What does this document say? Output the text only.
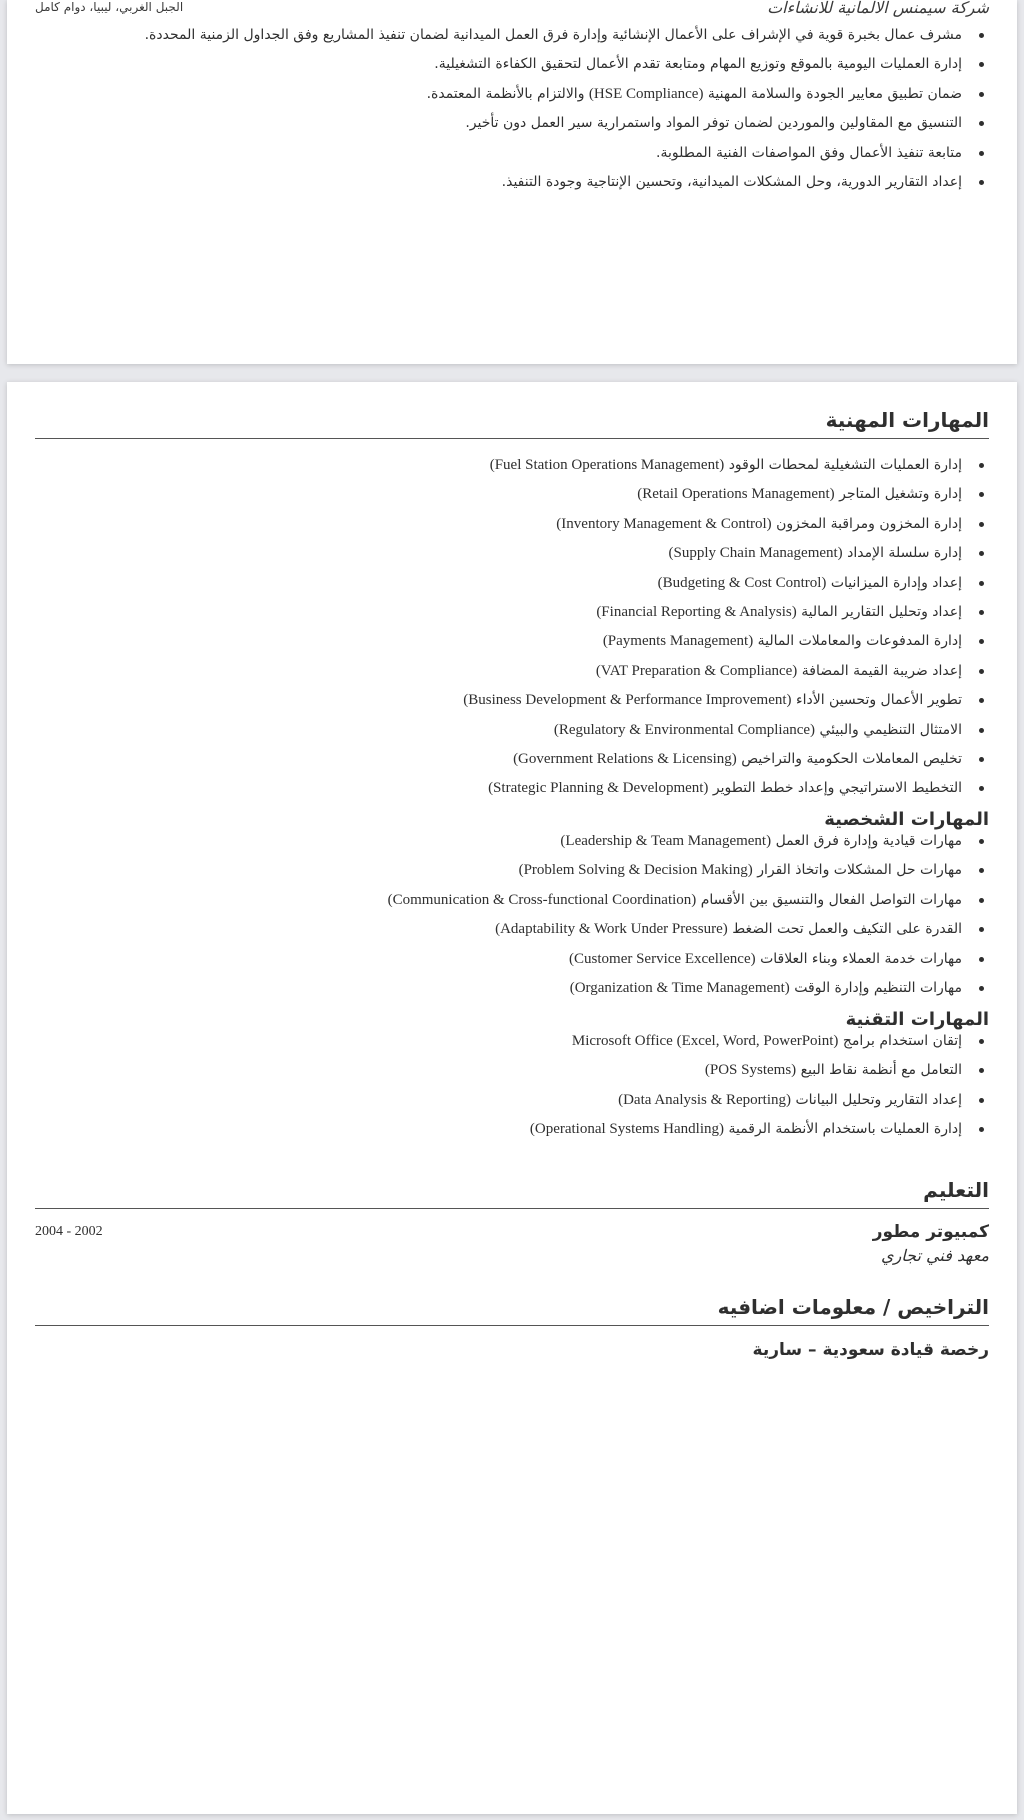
شركة سيمنس الالمانية للانشاءات
الجبل الغربي، ليبيا، دوام كامل
مشرف عمال بخبرة قوية في الإشراف على الأعمال الإنشائية وإدارة فرق العمل الميدانية لضمان تنفيذ المشاريع وفق الجداول الزمنية المحددة.
إدارة العمليات اليومية بالموقع وتوزيع المهام ومتابعة تقدم الأعمال لتحقيق الكفاءة التشغيلية.
ضمان تطبيق معايير الجودة والسلامة المهنية (HSE Compliance) والالتزام بالأنظمة المعتمدة.
التنسيق مع المقاولين والموردين لضمان توفر المواد واستمرارية سير العمل دون تأخير.
متابعة تنفيذ الأعمال وفق المواصفات الفنية المطلوبة.
إعداد التقارير الدورية، وحل المشكلات الميدانية، وتحسين الإنتاجية وجودة التنفيذ.
المهارات المهنية
إدارة العمليات التشغيلية لمحطات الوقود (Fuel Station Operations Management)
إدارة وتشغيل المتاجر (Retail Operations Management)
إدارة المخزون ومراقبة المخزون (Inventory Management & Control)
إدارة سلسلة الإمداد (Supply Chain Management)
إعداد وإدارة الميزانيات (Budgeting & Cost Control)
إعداد وتحليل التقارير المالية (Financial Reporting & Analysis)
إدارة المدفوعات والمعاملات المالية (Payments Management)
إعداد ضريبة القيمة المضافة (VAT Preparation & Compliance)
تطوير الأعمال وتحسين الأداء (Business Development & Performance Improvement)
الامتثال التنظيمي والبيئي (Regulatory & Environmental Compliance)
تخليص المعاملات الحكومية والتراخيص (Government Relations & Licensing)
التخطيط الاستراتيجي وإعداد خطط التطوير (Strategic Planning & Development)
المهارات الشخصية
مهارات قيادية وإدارة فرق العمل (Leadership & Team Management)
مهارات حل المشكلات واتخاذ القرار (Problem Solving & Decision Making)
مهارات التواصل الفعال والتنسيق بين الأقسام (Communication & Cross-functional Coordination)
القدرة على التكيف والعمل تحت الضغط (Adaptability & Work Under Pressure)
مهارات خدمة العملاء وبناء العلاقات (Customer Service Excellence)
مهارات التنظيم وإدارة الوقت (Organization & Time Management)
المهارات التقنية
إتقان استخدام برامج Microsoft Office (Excel, Word, PowerPoint)
التعامل مع أنظمة نقاط البيع (POS Systems)
إعداد التقارير وتحليل البيانات (Data Analysis & Reporting)
إدارة العمليات باستخدام الأنظمة الرقمية (Operational Systems Handling)
التعليم
كمبيوتر مطور
معهد فني تجاري
2004 - 2002
التراخيص / معلومات اضافيه
رخصة قيادة سعودية – سارية
